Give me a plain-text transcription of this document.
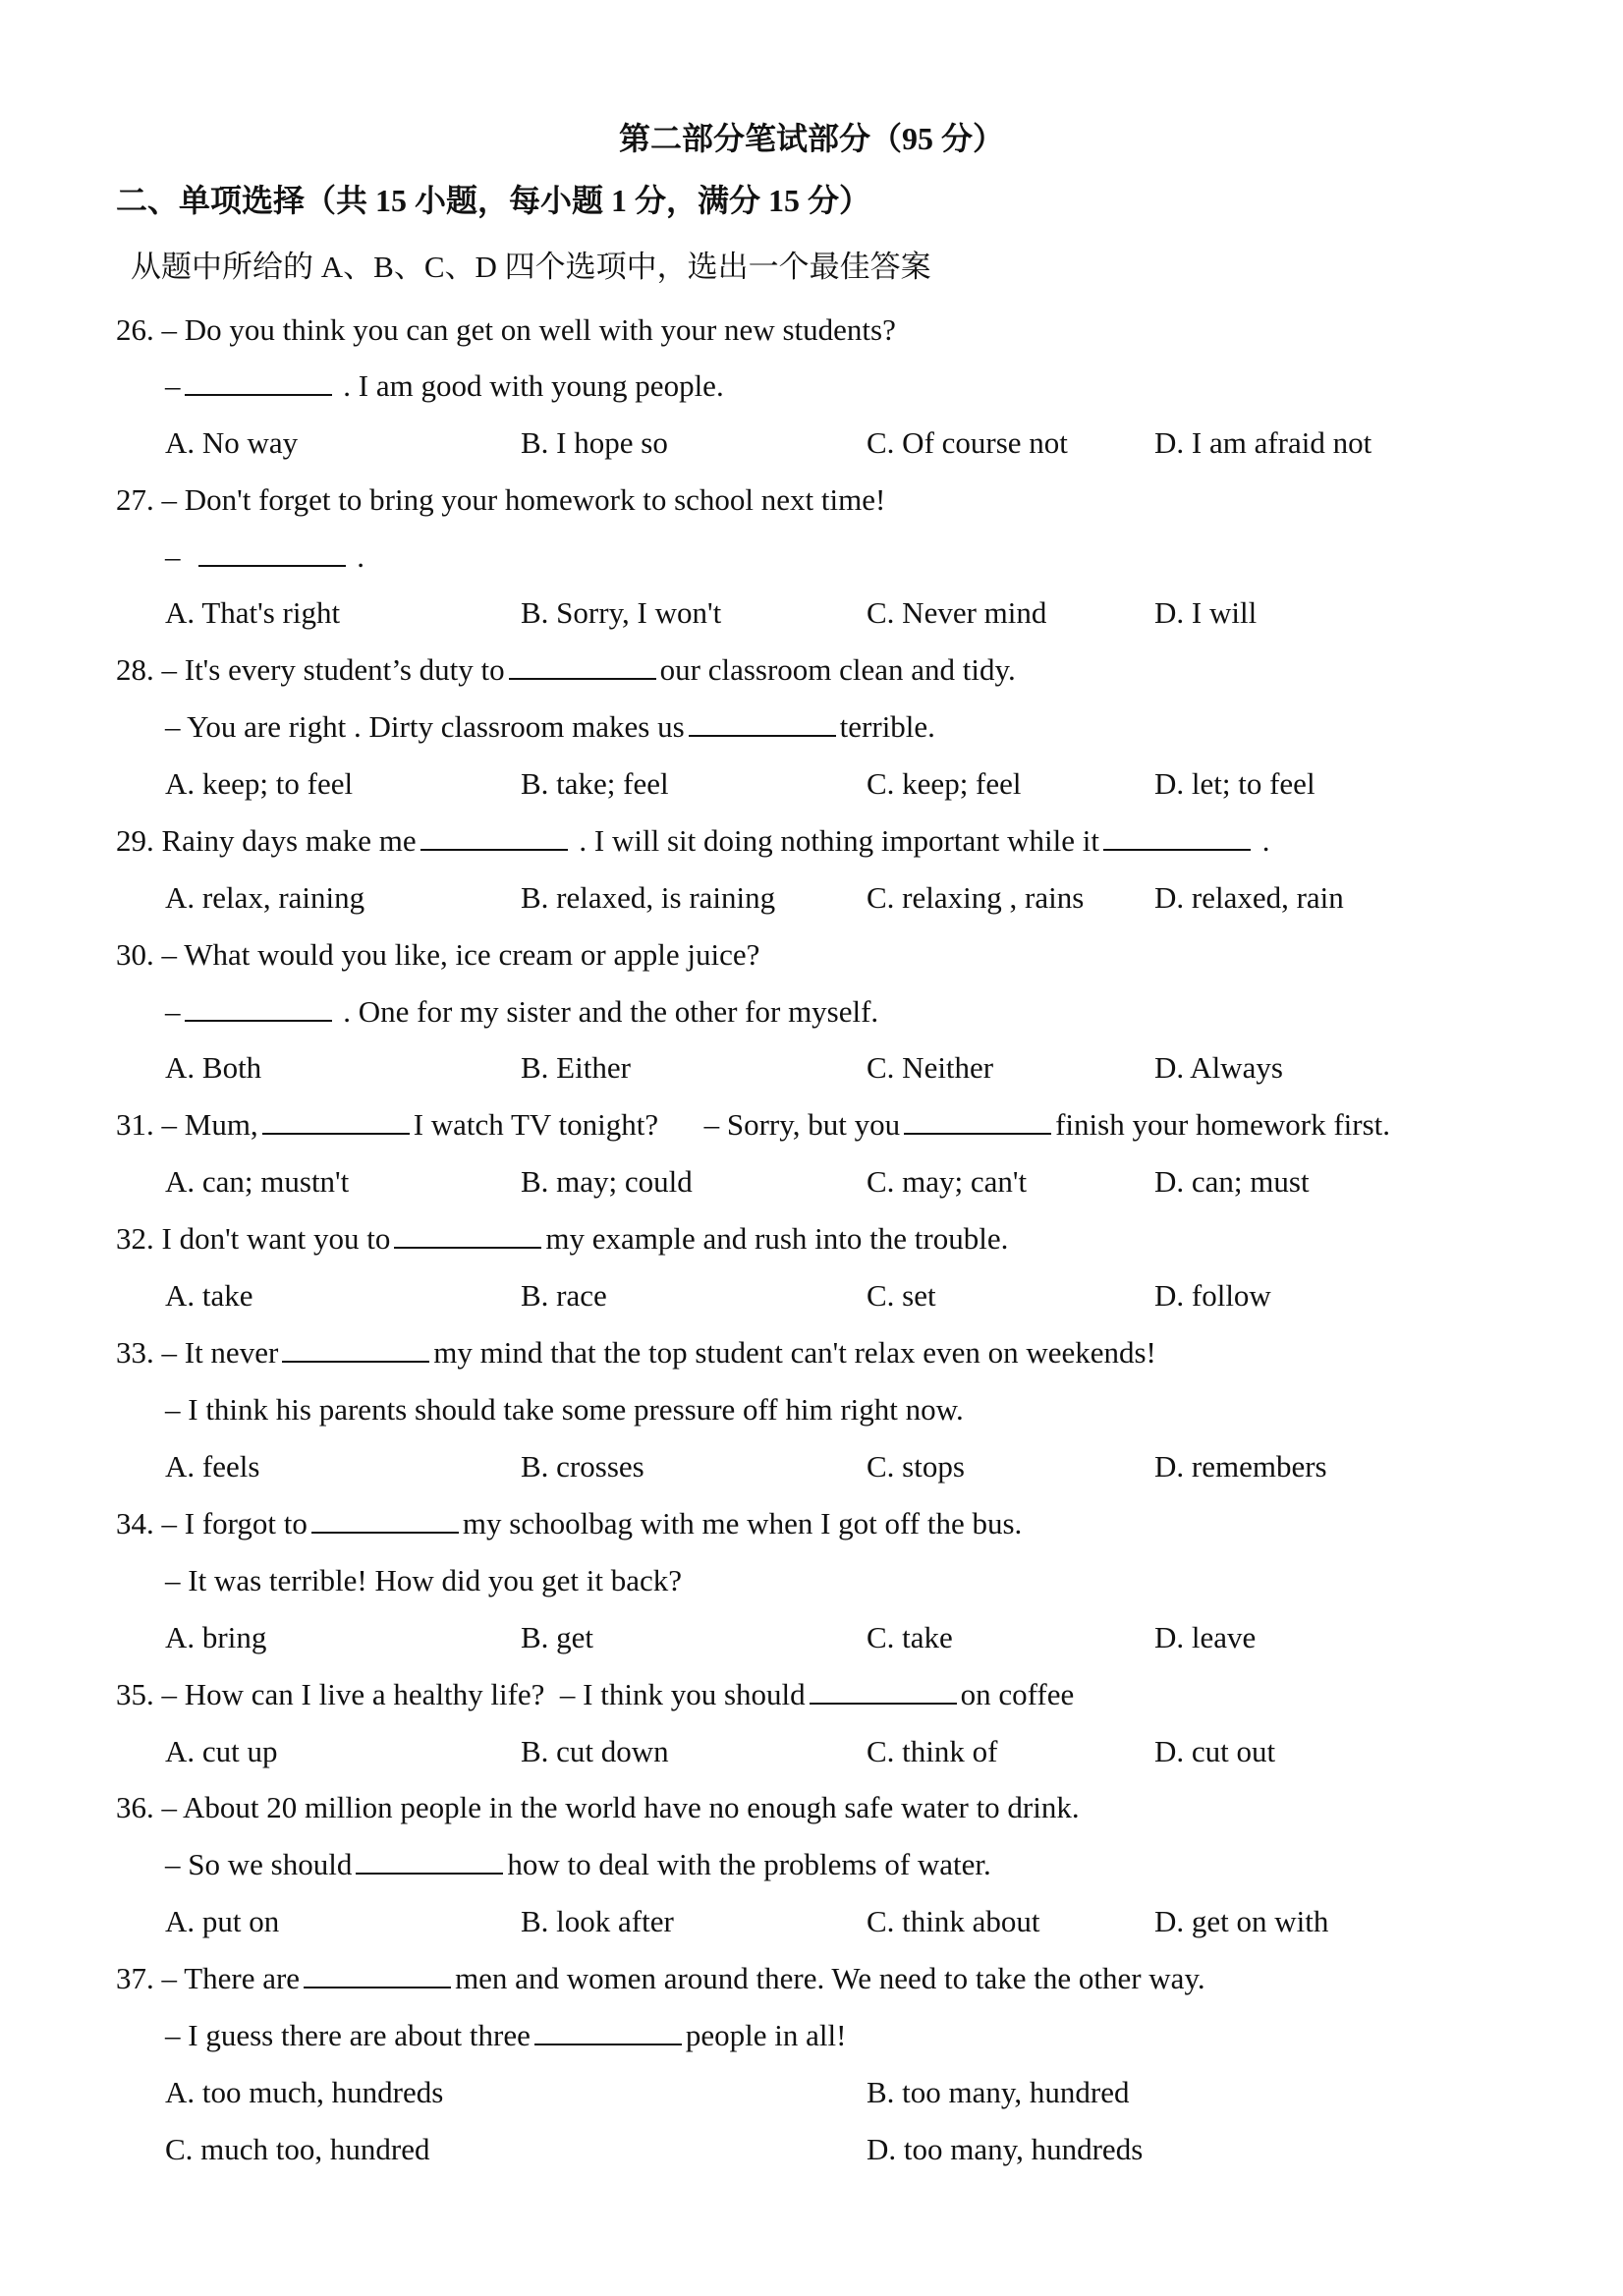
第二部分笔试部分（95 分）
二、单项选择（共 15 小题，每小题 1 分，满分 15 分）
从题中所给的 A、B、C、D 四个选项中，选出一个最佳答案
26. – Do you think you can get on well with your new students?
–	. I am good with young people.
A. No way	B. I hope so	C. Of course not	D. I am afraid not
27. – Don't forget to bring your homework to school next time!
–	.
A. That's right	B. Sorry, I won't	C. Never mind	D. I will
28. – It's every student’s duty to	our classroom clean and tidy.
– You are right . Dirty classroom makes us	terrible.
A. keep; to feel	B. take; feel	C. keep; feel	D. let; to feel
29. Rainy days make me	. I will sit doing nothing important while it	.
A. relax, raining	B. relaxed, is raining	C. relaxing , rains D. relaxed, rain
30. – What would you like, ice cream or apple juice?
–	. One for my sister and the other for myself.
A. Both	B. Either	C. Neither	D. Always
31. – Mum,	I watch TV tonight?      – Sorry, but you	finish your homework first.
A. can; mustn't	B. may; could	C. may; can't	D. can; must
32. I don't want you to	my example and rush into the trouble.
A. take	B. race	C. set	D. follow
33. – It never	my mind that the top student can't relax even on weekends!
– I think his parents should take some pressure off him right now.
A. feels	B. crosses	C. stops	D. remembers
34. – I forgot to	my schoolbag with me when I got off the bus.
– It was terrible! How did you get it back?
A. bring	B. get	C. take	D. leave
35. – How can I live a healthy life?  – I think you should	on coffee
A. cut up	B. cut down	C. think of	D. cut out
36. – About 20 million people in the world have no enough safe water to drink.
– So we should	how to deal with the problems of water.
A. put on	B. look after	C. think about	D. get on with
37. – There are	men and women around there. We need to take the other way.
– I guess there are about three	people in all!
A. too much, hundreds	B. too many, hundred
C. much too, hundred	D. too many, hundreds
